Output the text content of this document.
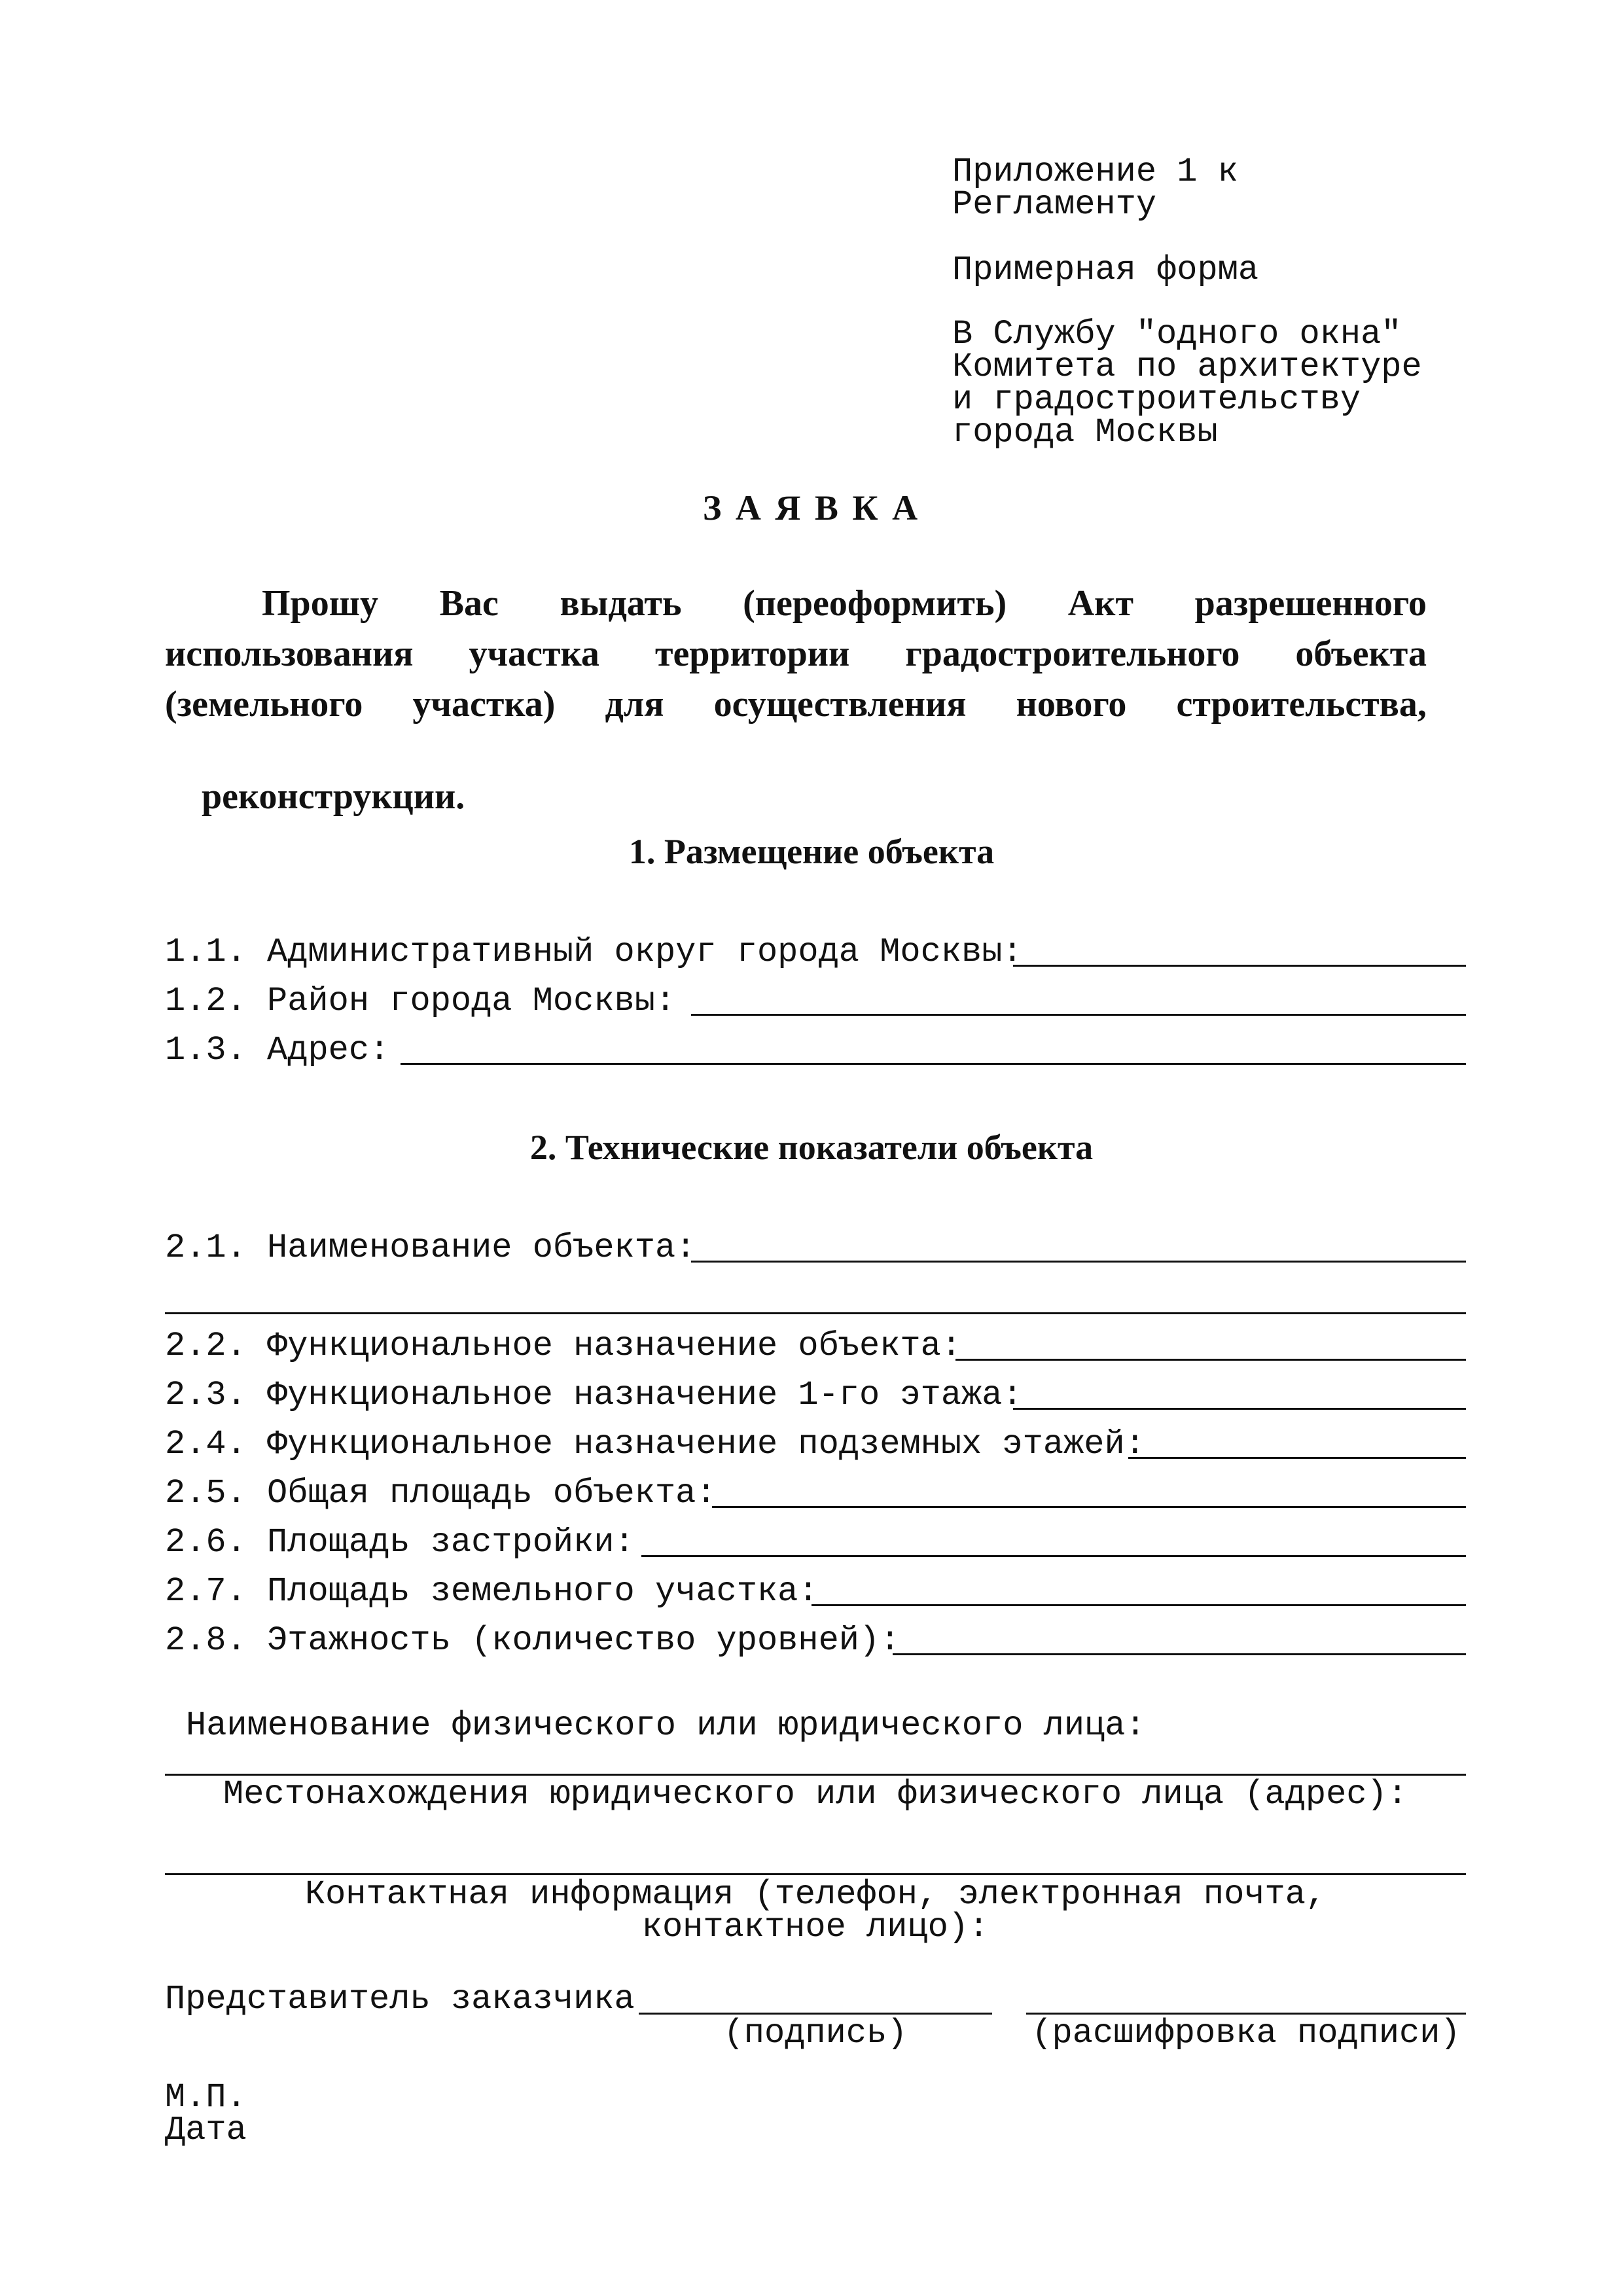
Приложение 1 к
Регламенту
Примерная форма
В Службу "одного окна"
Комитета по архитектуре
и градостроительству
города Москвы
З А Я В К А
Прошу Вас выдать (переоформить) Акт разрешенного
использования участка территории градостроительного объекта
(земельного участка) для осуществления нового строительства,

реконструкции.

1. Размещение объекта
1.1. Административный округ города Москвы:
1.2. Район города Москвы:
1.3. Адрес:
2. Технические показатели объекта
2.1. Наименование объекта:
2.2. Функциональное назначение объекта:
2.3. Функциональное назначение 1-го этажа:
2.4. Функциональное назначение подземных этажей:
2.5. Общая площадь объекта:
2.6. Площадь застройки:
2.7. Площадь земельного участка:
2.8. Этажность (количество уровней):
Наименование физического или юридического лица:
Местонахождения юридического или физического лица (адрес):
Контактная информация (телефон, электронная почта,
контактное лицо):
Представитель заказчика
(подпись)	(расшифровка подписи)
М.П.
Дата
